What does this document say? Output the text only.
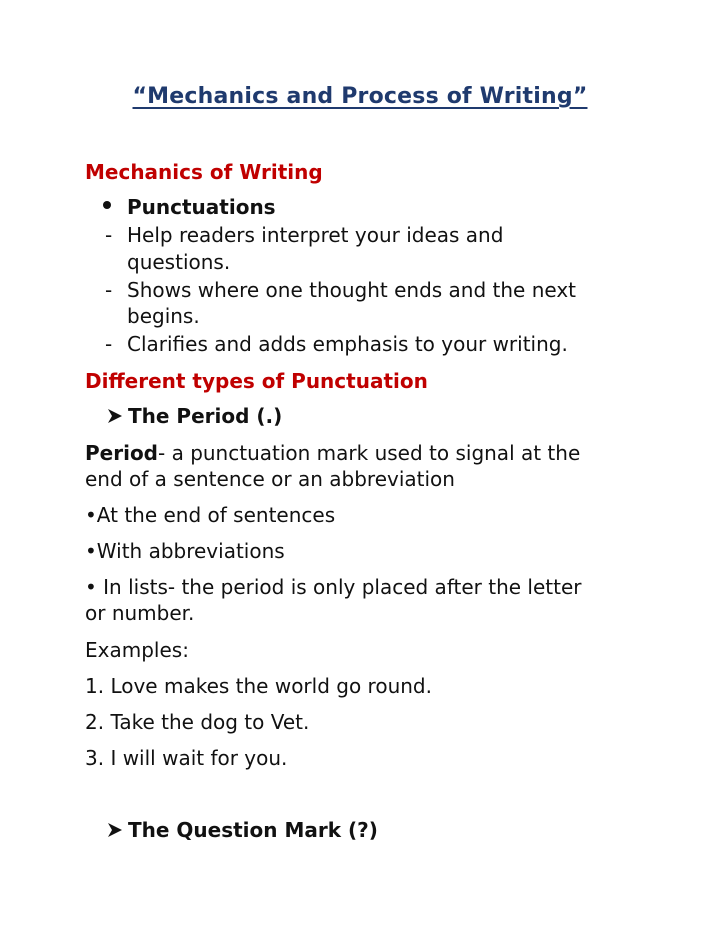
“Mechanics and Process of Writing”
Mechanics of Writing
Punctuations
- Help readers interpret your ideas and
questions.
- Shows where one thought ends and the next
begins.
- Clarifies and adds emphasis to your writing.
Different types of Punctuation
The Period (.)
Period- a punctuation mark used to signal at the
end of a sentence or an abbreviation
•At the end of sentences
•With abbreviations
• In lists- the period is only placed after the letter
or number.
Examples:
1. Love makes the world go round.
2. Take the dog to Vet.
3. I will wait for you.
The Question Mark (?)
